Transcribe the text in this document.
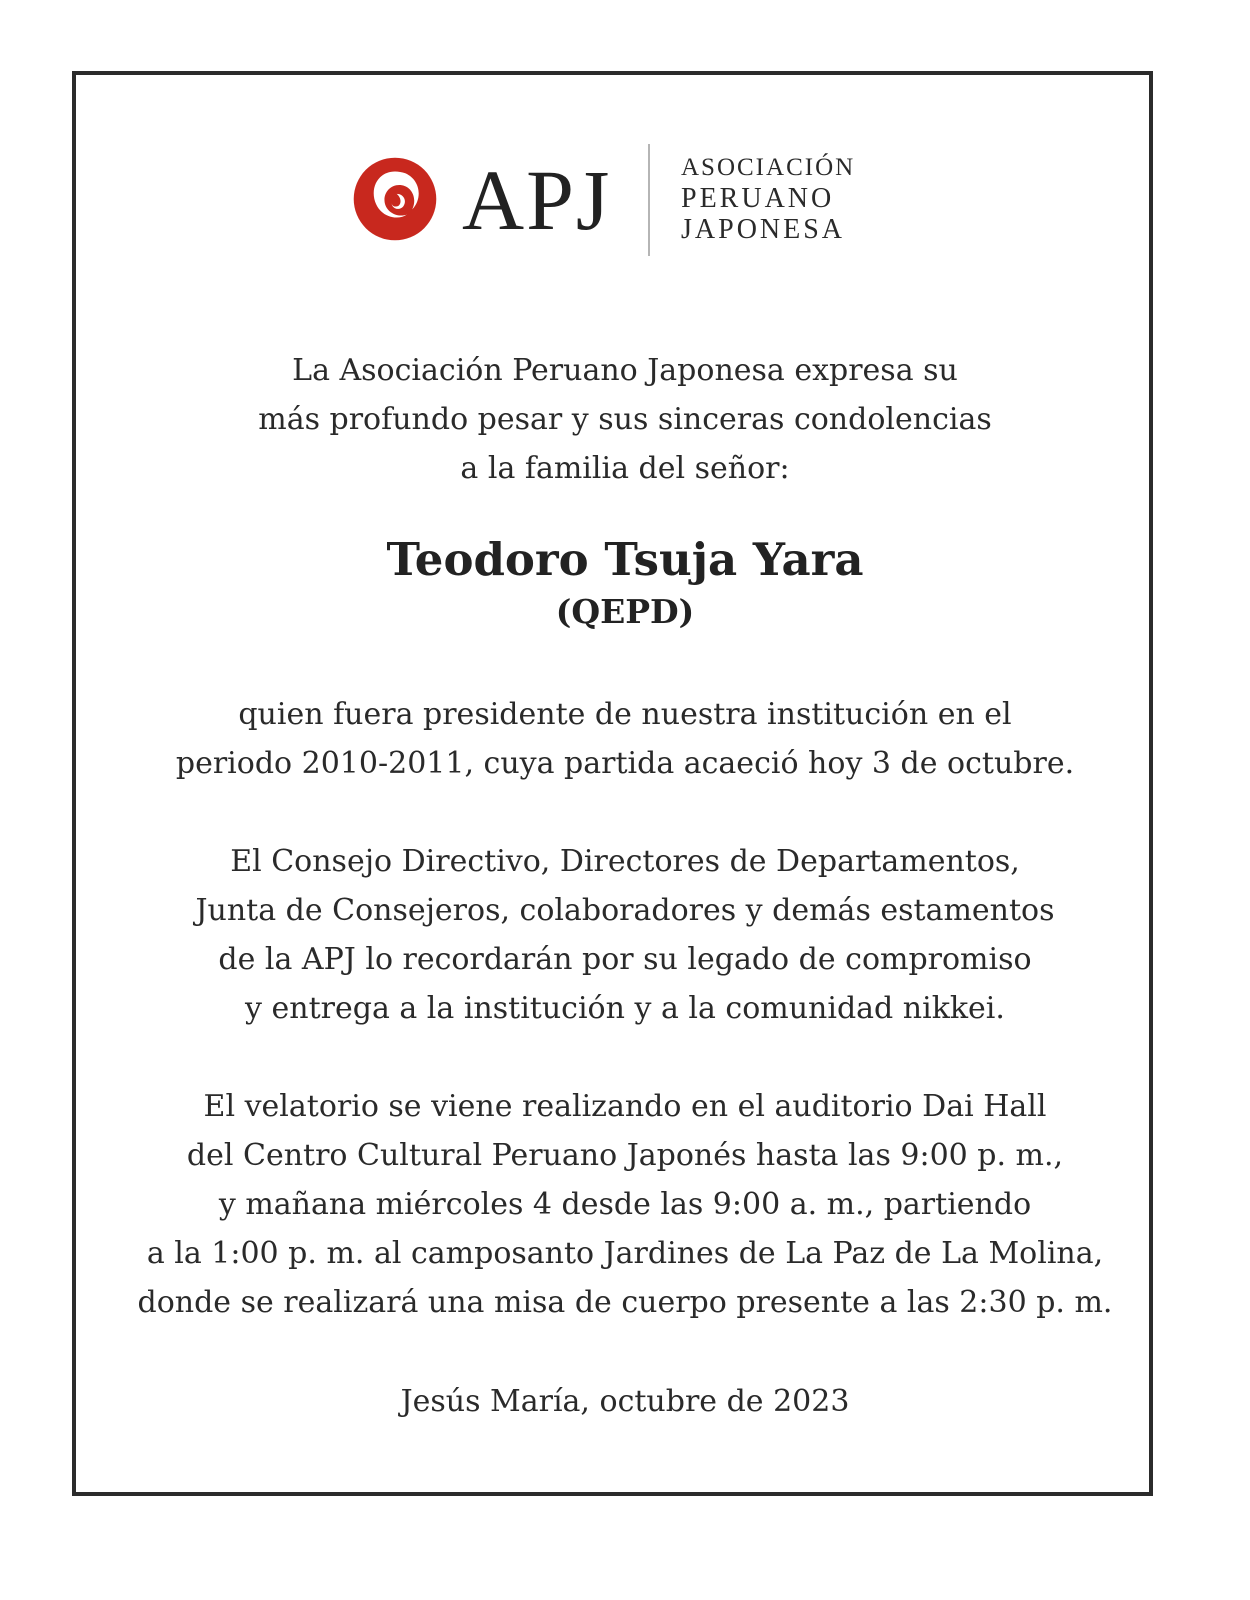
APJ	ASOCIACIÓN
PERUANO
JAPONESA
La Asociación Peruano Japonesa expresa su
más profundo pesar y sus sinceras condolencias
a la familia del señor:
Teodoro Tsuja Yara
(QEPD)
quien fuera presidente de nuestra institución en el
periodo 2010-2011, cuya partida acaeció hoy 3 de octubre.
El Consejo Directivo, Directores de Departamentos,
Junta de Consejeros, colaboradores y demás estamentos
de la APJ lo recordarán por su legado de compromiso
y entrega a la institución y a la comunidad nikkei.
El velatorio se viene realizando en el auditorio Dai Hall
del Centro Cultural Peruano Japonés hasta las 9:00 p. m.,
y mañana miércoles 4 desde las 9:00 a. m., partiendo
a la 1:00 p. m. al camposanto Jardines de La Paz de La Molina,
donde se realizará una misa de cuerpo presente a las 2:30 p. m.
Jesús María, octubre de 2023
